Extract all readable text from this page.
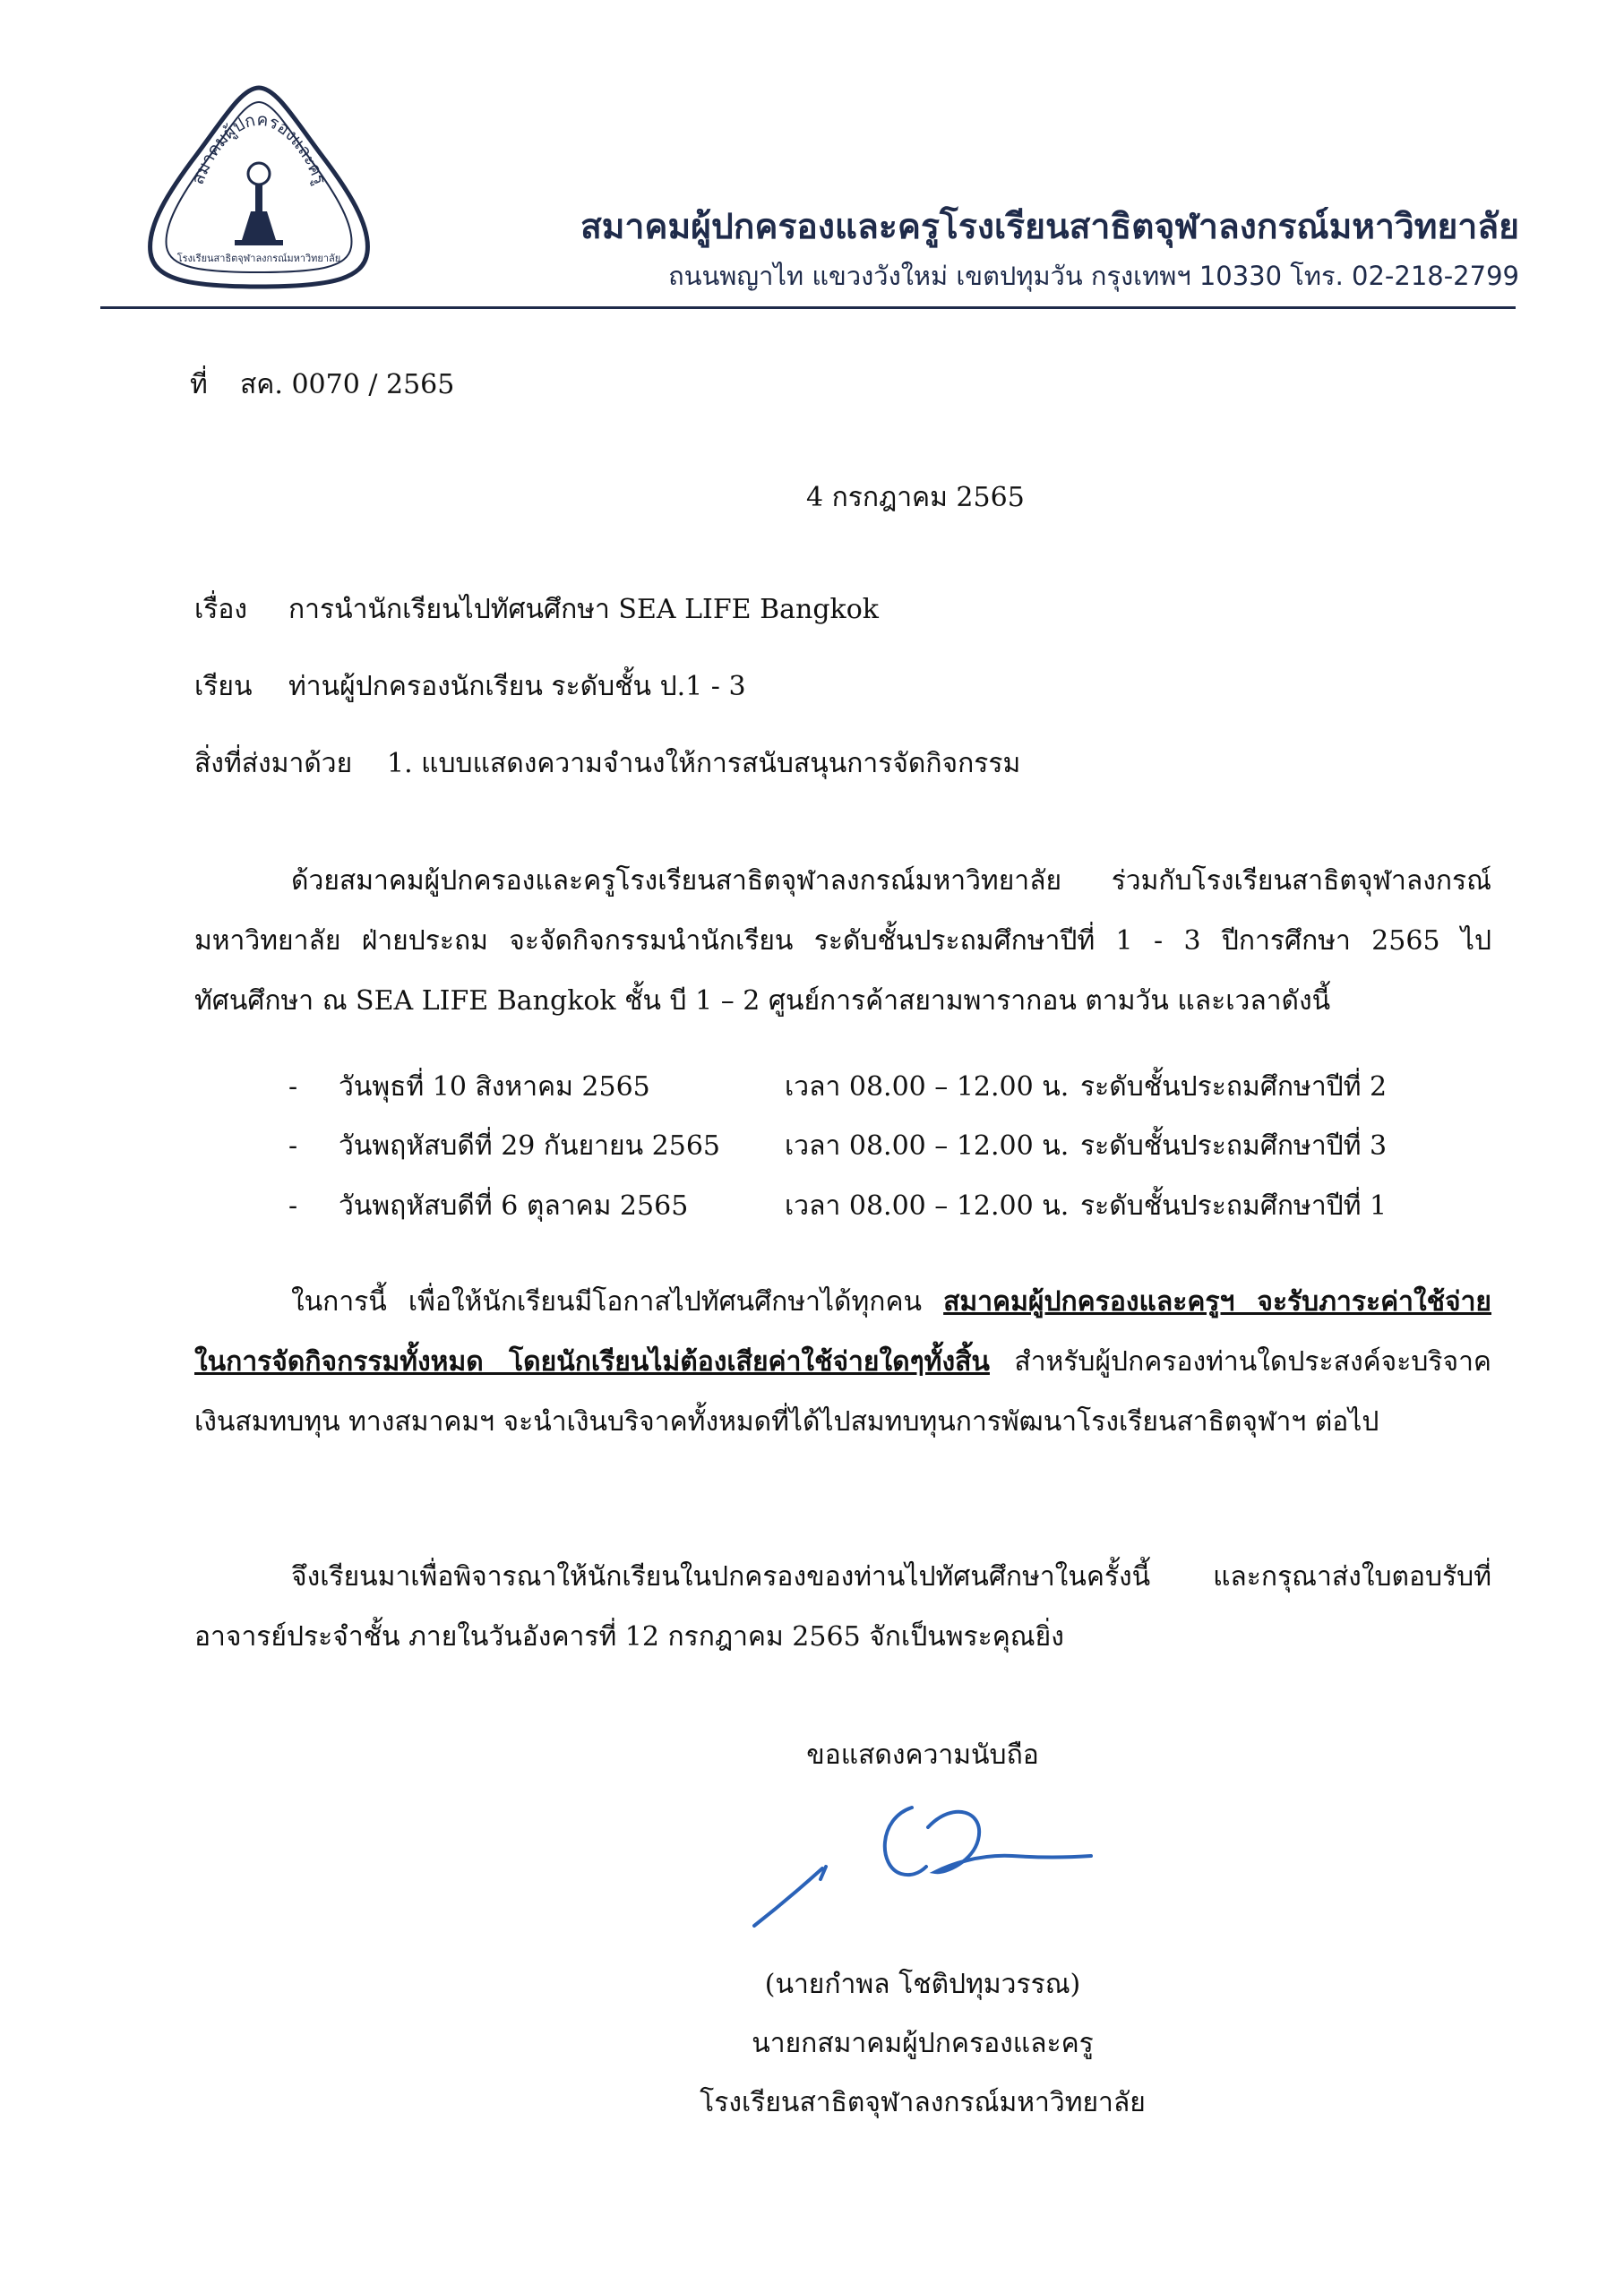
สมาคมผู้ปกครองและครู
โรงเรียนสาธิตจุฬาลงกรณ์มหาวิทยาลัย
สมาคมผู้ปกครองและครูโรงเรียนสาธิตจุฬาลงกรณ์มหาวิทยาลัย
ถนนพญาไท แขวงวังใหม่ เขตปทุมวัน กรุงเทพฯ 10330 โทร. 02-218-2799
ที่ สค. 0070 / 2565
4 กรกฎาคม 2565
เรื่อง การนำนักเรียนไปทัศนศึกษา SEA LIFE Bangkok
เรียน ท่านผู้ปกครองนักเรียน ระดับชั้น ป.1 - 3
สิ่งที่ส่งมาด้วย 1. แบบแสดงความจำนงให้การสนับสนุนการจัดกิจกรรม
ด้วยสมาคมผู้ปกครองและครูโรงเรียนสาธิตจุฬาลงกรณ์มหาวิทยาลัย ร่วมกับโรงเรียนสาธิตจุฬาลงกรณ์มหาวิทยาลัย ฝ่ายประถม จะจัดกิจกรรมนำนักเรียน ระดับชั้นประถมศึกษาปีที่ 1 - 3 ปีการศึกษา 2565 ไปทัศนศึกษา ณ SEA LIFE Bangkok ชั้น บี 1 – 2 ศูนย์การค้าสยามพารากอน ตามวัน และเวลาดังนี้
- วันพุธที่ 10 สิงหาคม 2565	เวลา 08.00 – 12.00 น. ระดับชั้นประถมศึกษาปีที่ 2
- วันพฤหัสบดีที่ 29 กันยายน 2565 เวลา 08.00 – 12.00 น. ระดับชั้นประถมศึกษาปีที่ 3
- วันพฤหัสบดีที่ 6 ตุลาคม 2565	เวลา 08.00 – 12.00 น. ระดับชั้นประถมศึกษาปีที่ 1
ในการนี้ เพื่อให้นักเรียนมีโอกาสไปทัศนศึกษาได้ทุกคน สมาคมผู้ปกครองและครูฯ จะรับภาระค่าใช้จ่าย ในการจัดกิจกรรมทั้งหมด โดยนักเรียนไม่ต้องเสียค่าใช้จ่ายใดๆทั้งสิ้น สำหรับผู้ปกครองท่านใดประสงค์จะบริจาคเงินสมทบทุน ทางสมาคมฯ จะนำเงินบริจาคทั้งหมดที่ได้ไปสมทบทุนการพัฒนาโรงเรียนสาธิตจุฬาฯ ต่อไป
จึงเรียนมาเพื่อพิจารณาให้นักเรียนในปกครองของท่านไปทัศนศึกษาในครั้งนี้ และกรุณาส่งใบตอบรับที่อาจารย์ประจำชั้น ภายในวันอังคารที่ 12 กรกฎาคม 2565 จักเป็นพระคุณยิ่ง
ขอแสดงความนับถือ
(นายกำพล โชติปทุมวรรณ)
นายกสมาคมผู้ปกครองและครู
โรงเรียนสาธิตจุฬาลงกรณ์มหาวิทยาลัย
